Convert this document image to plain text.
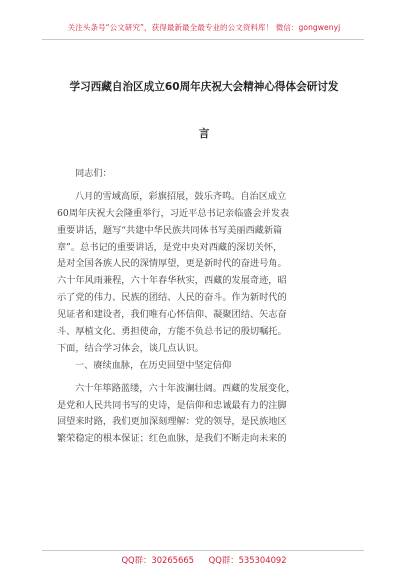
关注头条号“公文研究”，获得最新最全最专业的公文资料库！ 微信：gongwenyj
学习西藏自治区成立60周年庆祝大会精神心得体会研讨发
言
同志们：
八月的雪域高原，彩旗招展，鼓乐齐鸣。自治区成立
60周年庆祝大会隆重举行，习近平总书记亲临盛会并发表
重要讲话，题写“共建中华民族共同体书写美丽西藏新篇
章”。总书记的重要讲话，是党中央对西藏的深切关怀，
是对全国各族人民的深情厚望，更是新时代的奋进号角。
六十年风雨兼程，六十年春华秋实，西藏的发展奇迹，昭
示了党的伟力、民族的团结、人民的奋斗。作为新时代的
见证者和建设者，我们唯有心怀信仰、凝聚团结、矢志奋
斗、厚植文化、勇担使命，方能不负总书记的殷切嘱托。
下面，结合学习体会，谈几点认识。
一、赓续血脉，在历史回望中坚定信仰
六十年筚路蓝缕，六十年波澜壮阔。西藏的发展变化，
是党和人民共同书写的史诗，是信仰和忠诚最有力的注脚
回望来时路，我们更加深刻理解：党的领导，是民族地区
繁荣稳定的根本保证；红色血脉，是我们不断走向未来的
QQ群：30265665 QQ群：535304092
